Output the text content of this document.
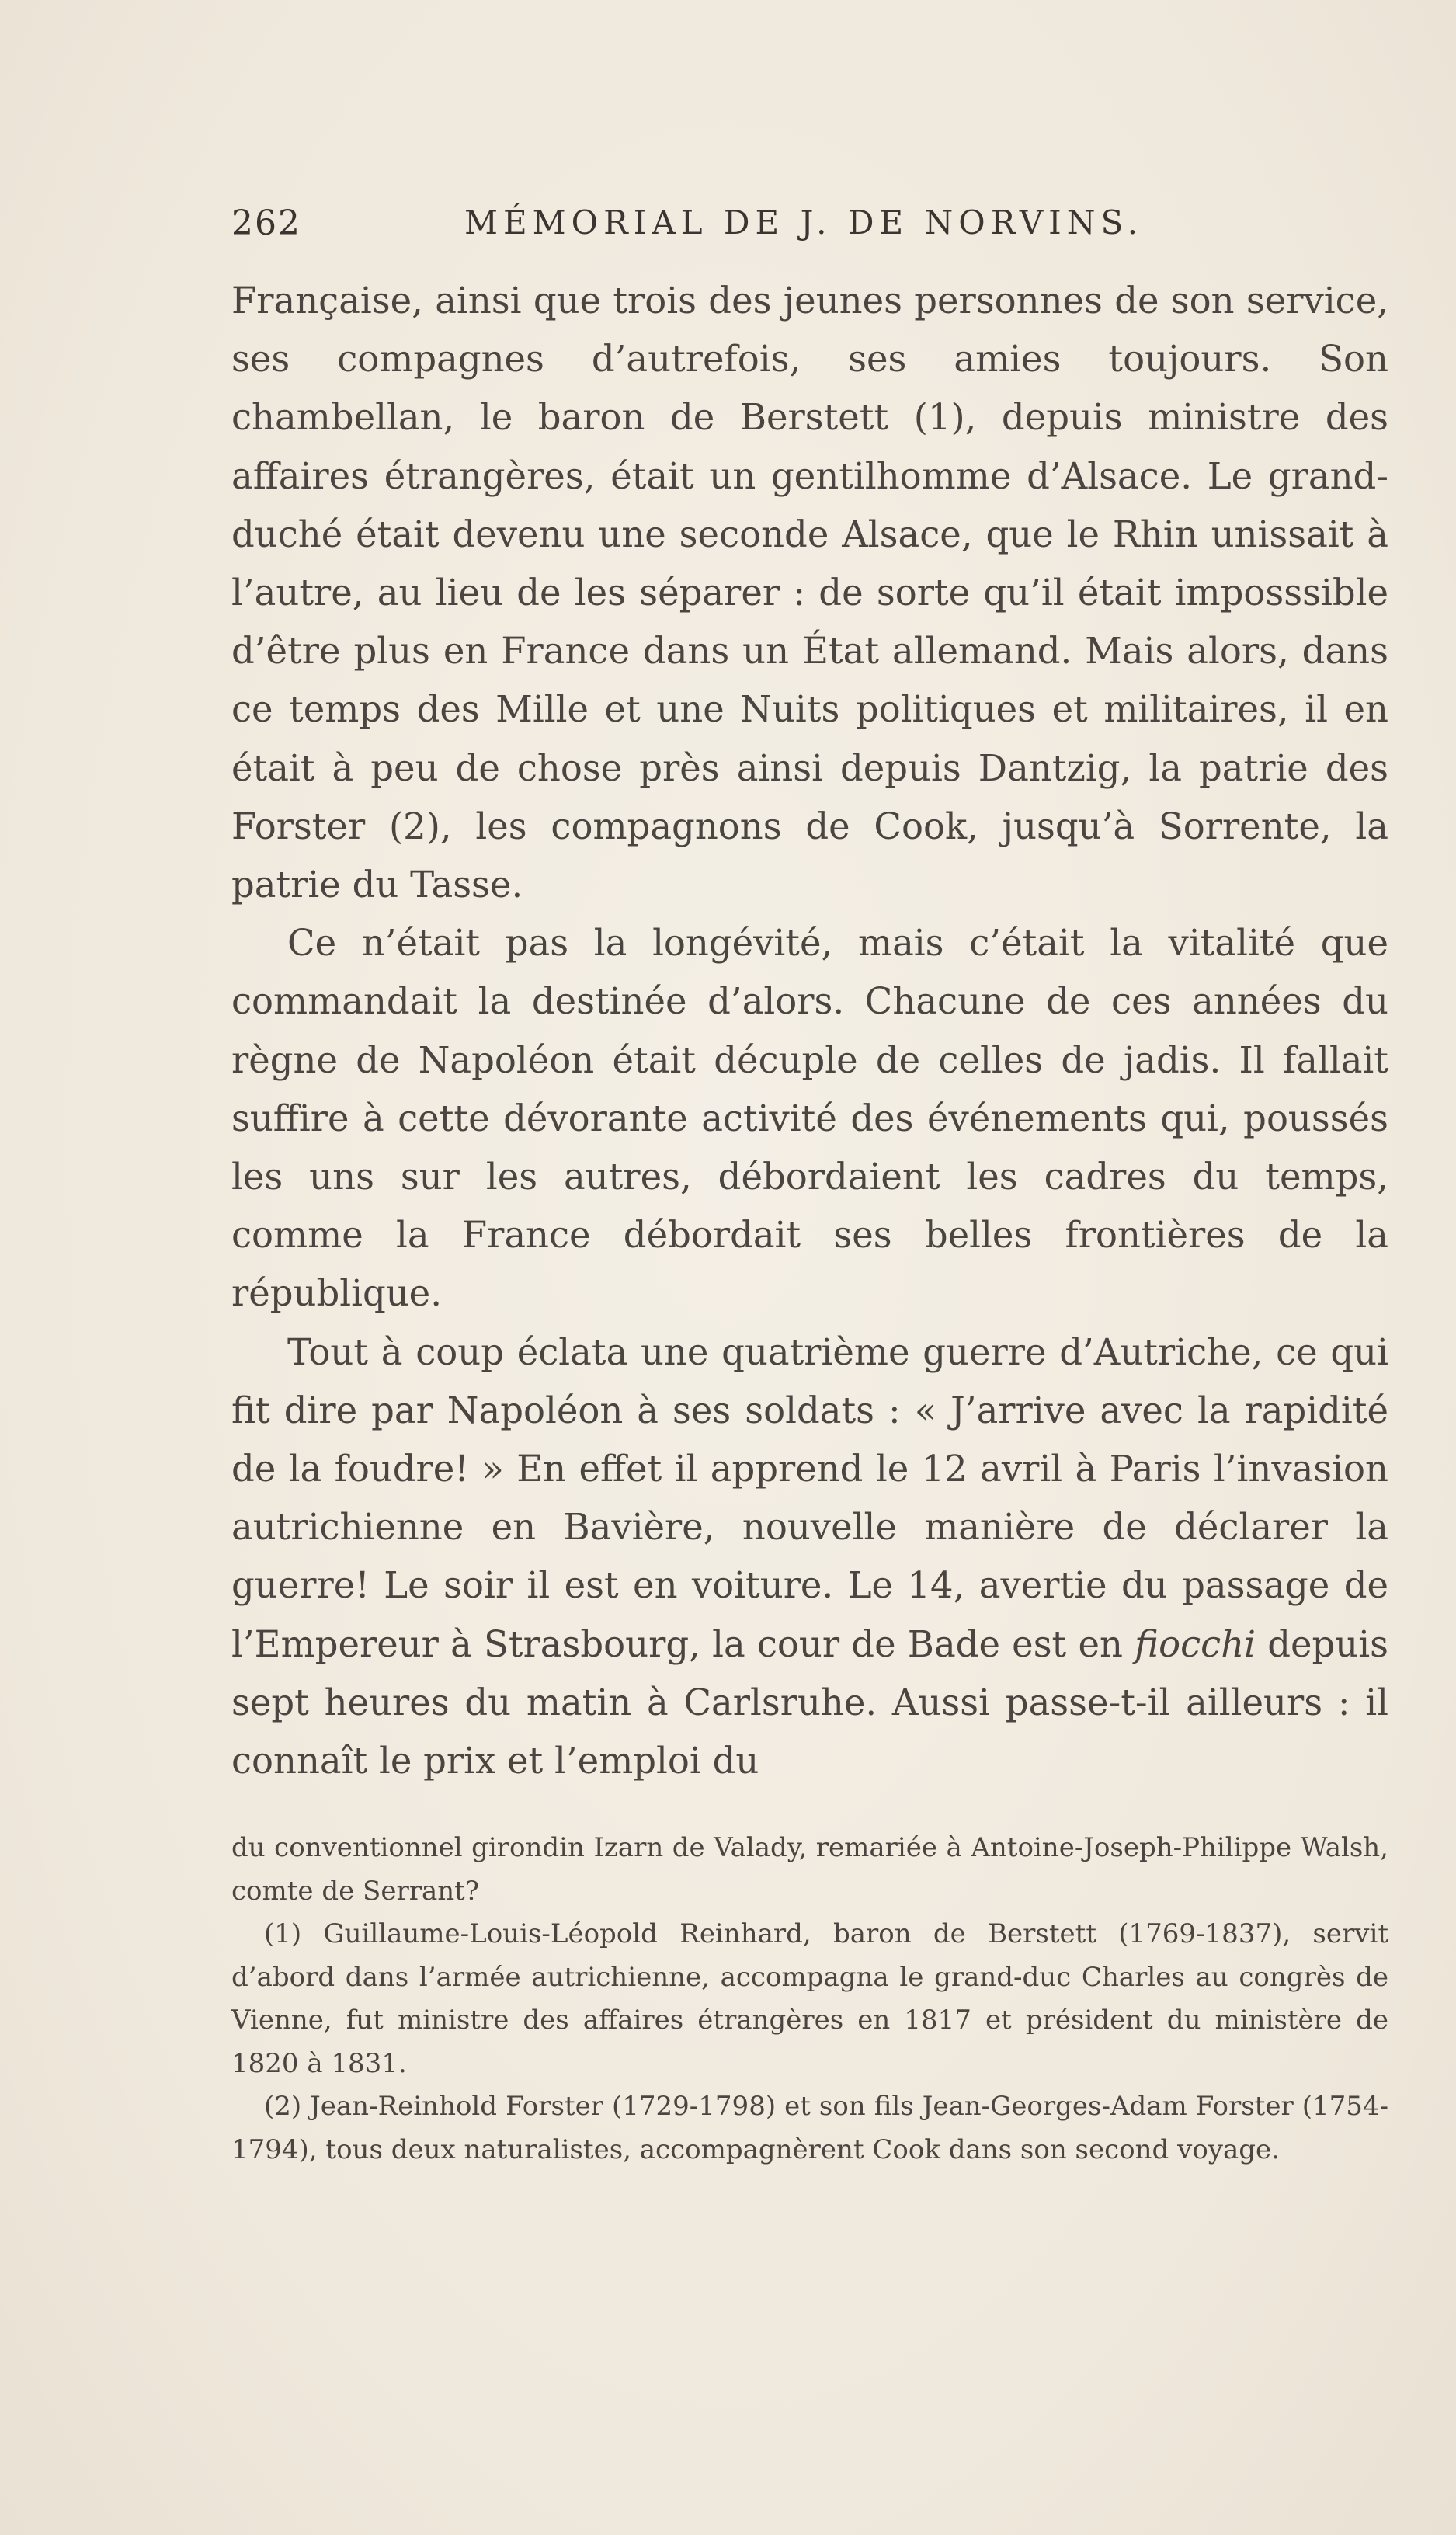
262	MÉMORIAL DE J. DE NORVINS.

Française, ainsi que trois des jeunes personnes de son service, ses compagnes d’autrefois, ses amies toujours. Son chambellan, le baron de Berstett (1), depuis ministre des affaires étrangères, était un gentilhomme d’Alsace. Le grand-duché était devenu une seconde Alsace, que le Rhin unissait à l’autre, au lieu de les séparer : de sorte qu’il était imposssible d’être plus en France dans un État allemand. Mais alors, dans ce temps des Mille et une Nuits politiques et militaires, il en était à peu de chose près ainsi depuis Dantzig, la patrie des Forster (2), les compagnons de Cook, jusqu’à Sorrente, la patrie du Tasse.

Ce n’était pas la longévité, mais c’était la vitalité que commandait la destinée d’alors. Chacune de ces années du règne de Napoléon était décuple de celles de jadis. Il fallait suffire à cette dévorante activité des événements qui, poussés les uns sur les autres, débordaient les cadres du temps, comme la France débordait ses belles frontières de la république.

Tout à coup éclata une quatrième guerre d’Autriche, ce qui fit dire par Napoléon à ses soldats : « J’arrive avec la rapidité de la foudre! » En effet il apprend le 12 avril à Paris l’invasion autrichienne en Bavière, nouvelle manière de déclarer la guerre! Le soir il est en voiture. Le 14, avertie du passage de l’Empereur à Strasbourg, la cour de Bade est en fiocchi depuis sept heures du matin à Carlsruhe. Aussi passe-t-il ailleurs : il connaît le prix et l’emploi du

du conventionnel girondin Izarn de Valady, remariée à Antoine-Joseph-Philippe Walsh, comte de Serrant?

(1) Guillaume-Louis-Léopold Reinhard, baron de Berstett (1769-1837), servit d’abord dans l’armée autrichienne, accompagna le grand-duc Charles au congrès de Vienne, fut ministre des affaires étrangères en 1817 et président du ministère de 1820 à 1831.

(2) Jean-Reinhold Forster (1729-1798) et son fils Jean-Georges-Adam Forster (1754-1794), tous deux naturalistes, accompagnèrent Cook dans son second voyage.
